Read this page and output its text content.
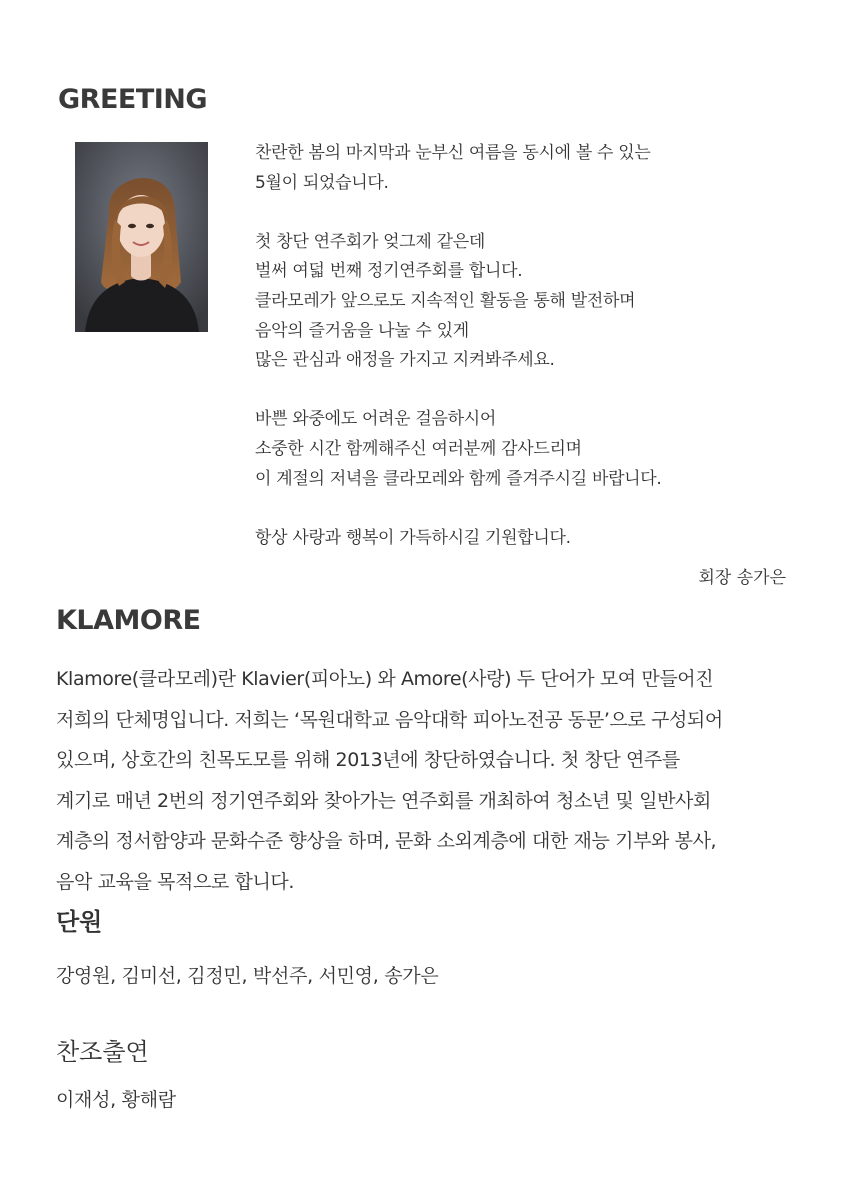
GREETING

찬란한 봄의 마지막과 눈부신 여름을 동시에 볼 수 있는
5월이 되었습니다.

첫 창단 연주회가 엊그제 같은데
벌써 여덟 번째 정기연주회를 합니다.
클라모레가 앞으로도 지속적인 활동을 통해 발전하며
음악의 즐거움을 나눌 수 있게
많은 관심과 애정을 가지고 지켜봐주세요.

바쁜 와중에도 어려운 걸음하시어
소중한 시간 함께해주신 여러분께 감사드리며
이 계절의 저녁을 클라모레와 함께 즐겨주시길 바랍니다.

항상 사랑과 행복이 가득하시길 기원합니다.

회장 송가은
KLAMORE
Klamore(클라모레)란 Klavier(피아노) 와 Amore(사랑) 두 단어가 모여 만들어진
저희의 단체명입니다. 저희는 ‘목원대학교 음악대학 피아노전공 동문’으로 구성되어
있으며, 상호간의 친목도모를 위해 2013년에 창단하였습니다. 첫 창단 연주를
계기로 매년 2번의 정기연주회와 찾아가는 연주회를 개최하여 청소년 및 일반사회
계층의 정서함양과 문화수준 향상을 하며, 문화 소외계층에 대한 재능 기부와 봉사,
음악 교육을 목적으로 합니다.
단원
강영원, 김미선, 김정민, 박선주, 서민영, 송가은
찬조출연
이재성, 황해람
